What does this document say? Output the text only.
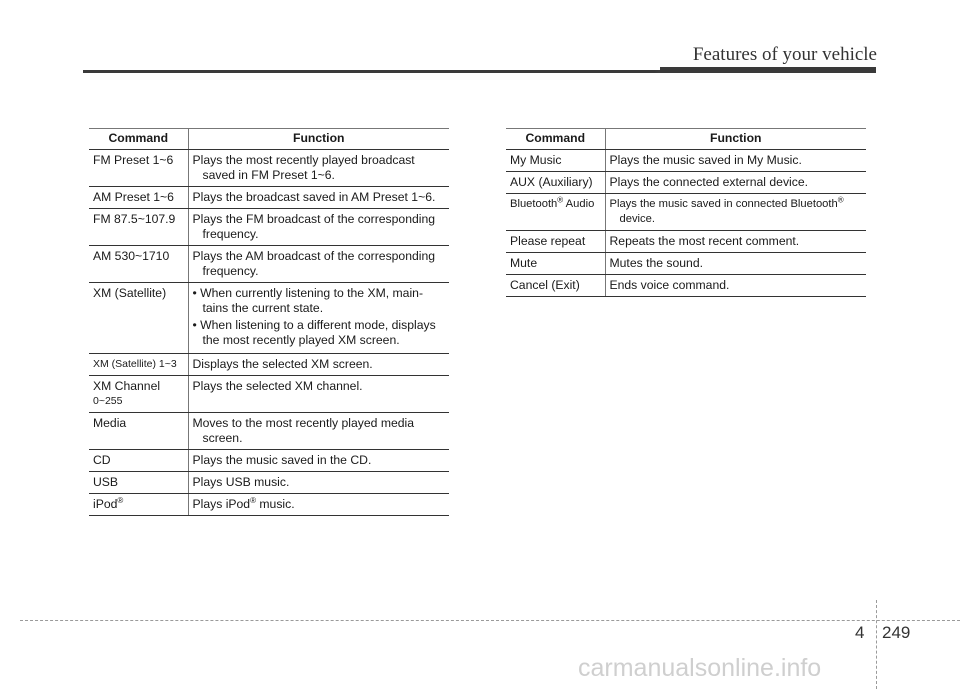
Features of your vehicle
Command	Function
FM Preset 1~6	Plays the most recently played broadcast
saved in FM Preset 1~6.

AM Preset 1~6	Plays the broadcast saved in AM Preset 1~6.
FM 87.5~107.9	Plays the FM broadcast of the corresponding
frequency.

AM 530~1710	Plays the AM broadcast of the corresponding
frequency.

XM (Satellite)	• When currently listening to the XM, main-
tains the current state.
• When listening to a different mode, displays
the most recently played XM screen.

XM (Satellite) 1~3	Displays the selected XM screen.
XM Channel
0~255	Plays the selected XM channel.
Media	Moves to the most recently played media
screen.

CD	Plays the music saved in the CD.
USB	Plays USB music.
iPod®	Plays iPod® music.
Command	Function
My Music	Plays the music saved in My Music.
AUX (Auxiliary)	Plays the connected external device.
Bluetooth® Audio	Plays the music saved in connected Bluetooth®
device.

Please repeat	Repeats the most recent comment.
Mute	Mutes the sound.
Cancel (Exit)	Ends voice command.
4 249
carmanualsonline.info
